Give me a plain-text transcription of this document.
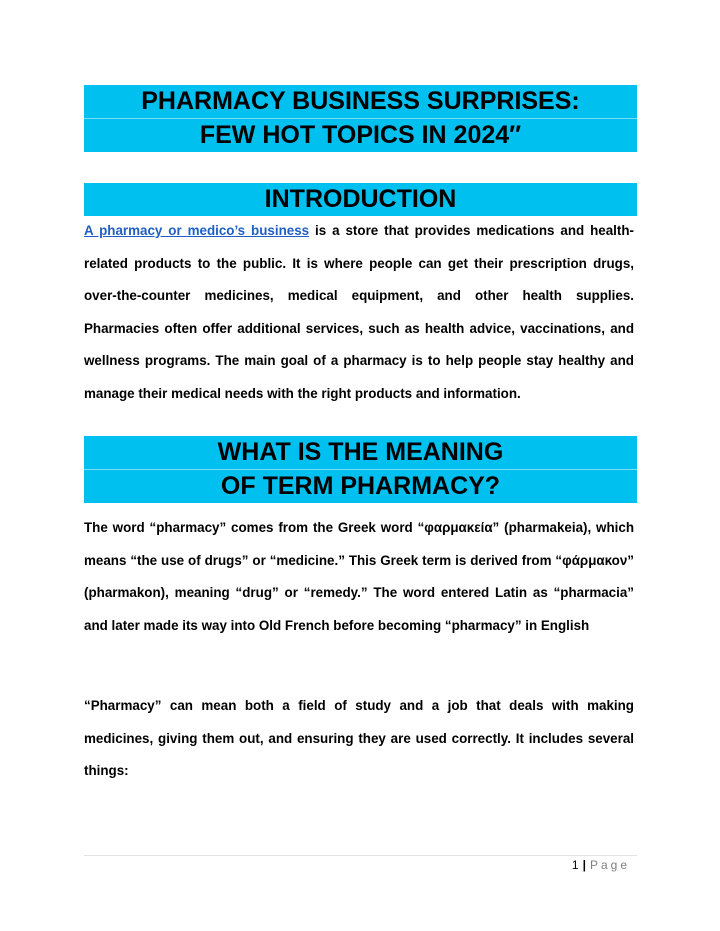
PHARMACY BUSINESS SURPRISES:
FEW HOT TOPICS IN 2024″
INTRODUCTION

A pharmacy or medico’s business is a store that provides medications and health-related products to the public. It is where people can get their prescription drugs, over-the-counter medicines, medical equipment, and other health supplies. Pharmacies often offer additional services, such as health advice, vaccinations, and wellness programs. The main goal of a pharmacy is to help people stay healthy and manage their medical needs with the right products and information.

WHAT IS THE MEANING
OF TERM PHARMACY?

The word “pharmacy” comes from the Greek word “φαρμακεία” (pharmakeia), which means “the use of drugs” or “medicine.” This Greek term is derived from “φάρμακον” (pharmakon), meaning “drug” or “remedy.” The word entered Latin as “pharmacia” and later made its way into Old French before becoming “pharmacy” in English

“Pharmacy” can mean both a field of study and a job that deals with making medicines, giving them out, and ensuring they are used correctly. It includes several things:

1 | Page
